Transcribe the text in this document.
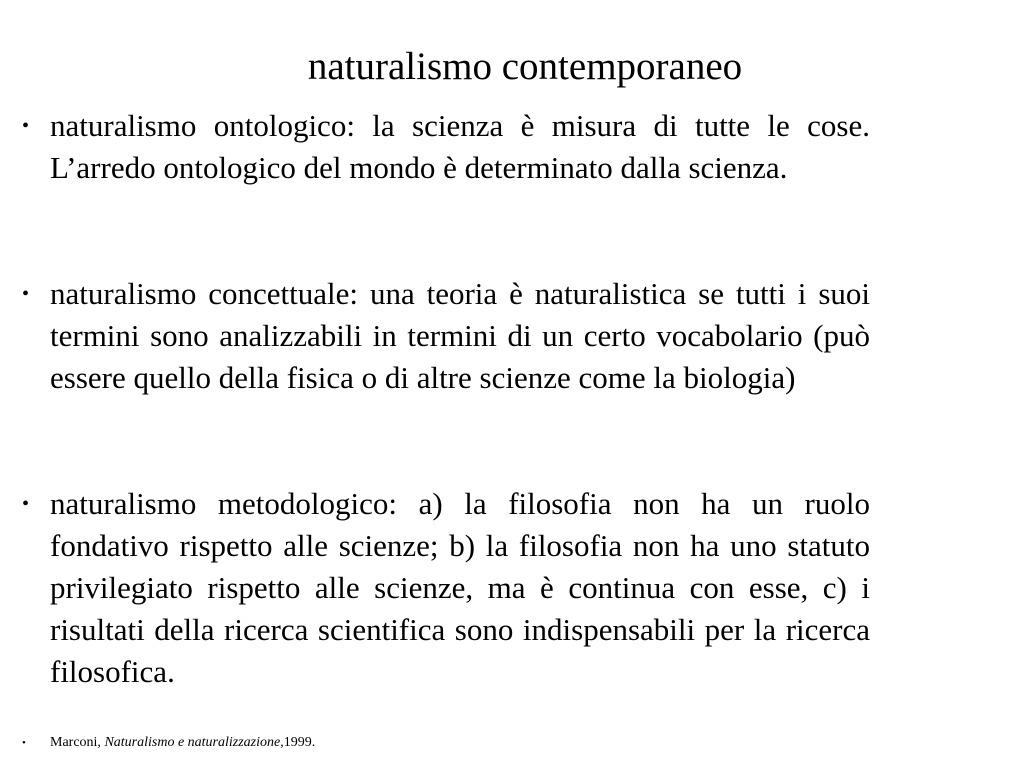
naturalismo contemporaneo
• naturalismo ontologico: la scienza è misura di tutte le cose. L’arredo ontologico del mondo è determinato dalla scienza.
• naturalismo concettuale: una teoria è naturalistica se tutti i suoi termini sono analizzabili in termini di un certo vocabolario (può essere quello della fisica o di altre scienze come la biologia)
• naturalismo metodologico: a) la filosofia non ha un ruolo fondativo rispetto alle scienze; b) la filosofia non ha uno statuto privilegiato rispetto alle scienze, ma è continua con esse, c) i risultati della ricerca scientifica sono indispensabili per la ricerca filosofica.
•	Marconi, Naturalismo e naturalizzazione,1999.
